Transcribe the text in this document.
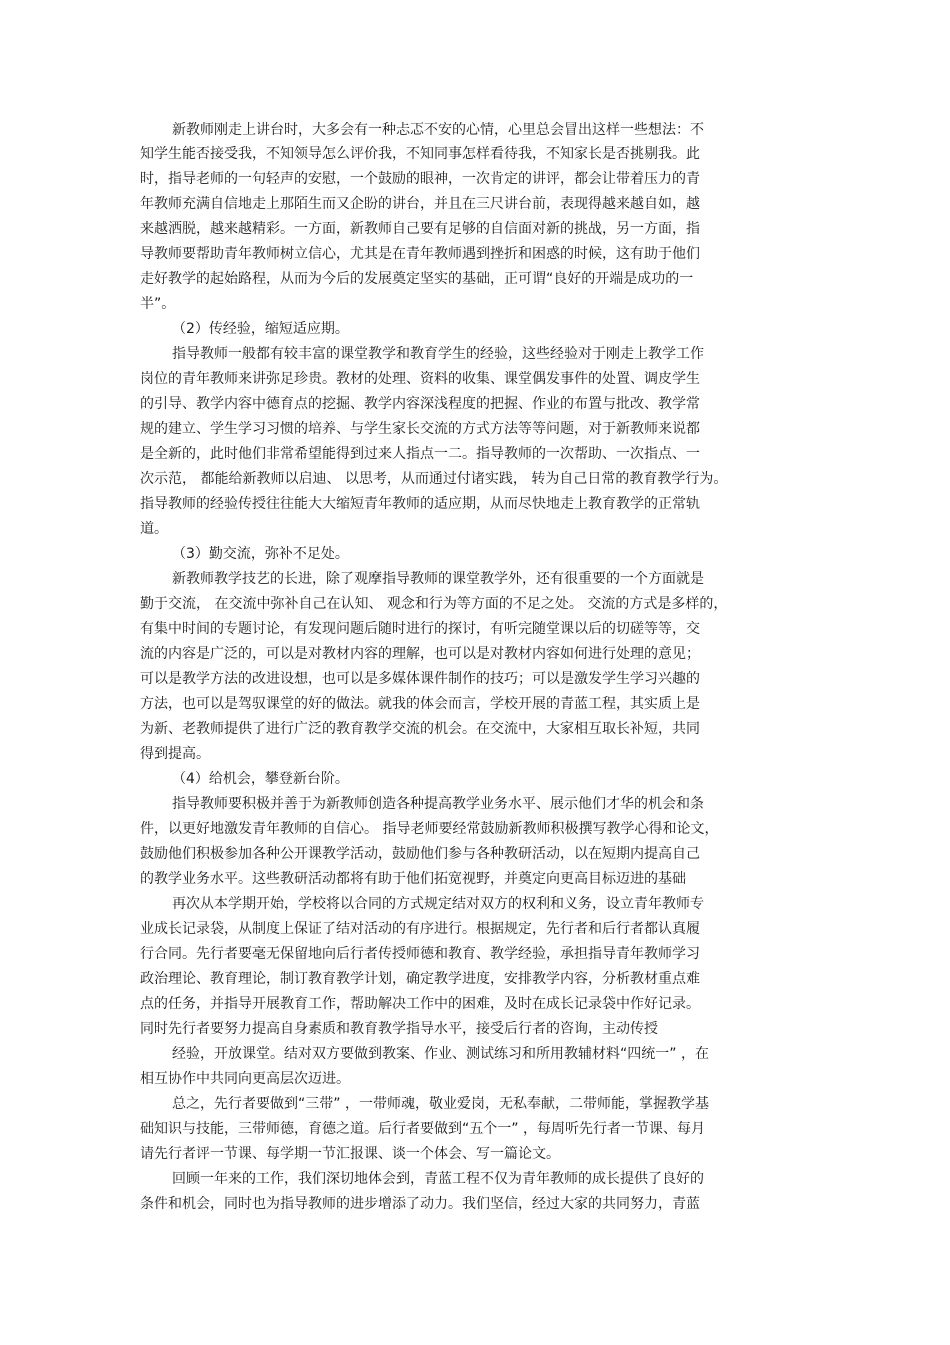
新教师刚走上讲台时，大多会有一种忐忑不安的心情，心里总会冒出这样一些想法：不

知学生能否接受我，不知领导怎么评价我，不知同事怎样看待我，不知家长是否挑剔我。此

时，指导老师的一句轻声的安慰，一个鼓励的眼神，一次肯定的讲评，都会让带着压力的青

年教师充满自信地走上那陌生而又企盼的讲台，并且在三尺讲台前，表现得越来越自如，越

来越洒脱，越来越精彩。一方面，新教师自己要有足够的自信面对新的挑战，另一方面，指

导教师要帮助青年教师树立信心，尤其是在青年教师遇到挫折和困惑的时候，这有助于他们

走好教学的起始路程，从而为今后的发展奠定坚实的基础，正可谓“良好的开端是成功的一

半”。

（2）传经验，缩短适应期。

指导教师一般都有较丰富的课堂教学和教育学生的经验，这些经验对于刚走上教学工作

岗位的青年教师来讲弥足珍贵。教材的处理、资料的收集、课堂偶发事件的处置、调皮学生

的引导、教学内容中德育点的挖掘、教学内容深浅程度的把握、作业的布置与批改、教学常

规的建立、学生学习习惯的培养、与学生家长交流的方式方法等等问题，对于新教师来说都

是全新的，此时他们非常希望能得到过来人指点一二。指导教师的一次帮助、一次指点、一

次示范， 都能给新教师以启迪、 以思考，从而通过付诸实践， 转为自己日常的教育教学行为。

指导教师的经验传授往往能大大缩短青年教师的适应期，从而尽快地走上教育教学的正常轨

道。

（3）勤交流，弥补不足处。

新教师教学技艺的长进，除了观摩指导教师的课堂教学外，还有很重要的一个方面就是

勤于交流， 在交流中弥补自己在认知、 观念和行为等方面的不足之处。 交流的方式是多样的，

有集中时间的专题讨论，有发现问题后随时进行的探讨，有听完随堂课以后的切磋等等，交

流的内容是广泛的，可以是对教材内容的理解，也可以是对教材内容如何进行处理的意见；

可以是教学方法的改进设想，也可以是多媒体课件制作的技巧；可以是激发学生学习兴趣的

方法，也可以是驾驭课堂的好的做法。就我的体会而言，学校开展的青蓝工程，其实质上是

为新、老教师提供了进行广泛的教育教学交流的机会。在交流中，大家相互取长补短，共同

得到提高。

（4）给机会，攀登新台阶。

指导教师要积极并善于为新教师创造各种提高教学业务水平、展示他们才华的机会和条

件，以更好地激发青年教师的自信心。 指导老师要经常鼓励新教师积极撰写教学心得和论文，

鼓励他们积极参加各种公开课教学活动，鼓励他们参与各种教研活动，以在短期内提高自己

的教学业务水平。这些教研活动都将有助于他们拓宽视野，并奠定向更高目标迈进的基础

再次从本学期开始，学校将以合同的方式规定结对双方的权利和义务，设立青年教师专

业成长记录袋，从制度上保证了结对活动的有序进行。根据规定，先行者和后行者都认真履

行合同。先行者要毫无保留地向后行者传授师德和教育、教学经验，承担指导青年教师学习

政治理论、教育理论，制订教育教学计划，确定教学进度，安排教学内容，分析教材重点难

点的任务，并指导开展教育工作，帮助解决工作中的困难，及时在成长记录袋中作好记录。

同时先行者要努力提高自身素质和教育教学指导水平，接受后行者的咨询，主动传授

经验，开放课堂。结对双方要做到教案、作业、测试练习和所用教辅材料“四统一” ，在

相互协作中共同向更高层次迈进。

总之，先行者要做到“三带” ，一带师魂，敬业爱岗，无私奉献，二带师能，掌握教学基

础知识与技能，三带师德，育德之道。后行者要做到“五个一” ，每周听先行者一节课、每月

请先行者评一节课、每学期一节汇报课、谈一个体会、写一篇论文。

回顾一年来的工作，我们深切地体会到，青蓝工程不仅为青年教师的成长提供了良好的

条件和机会，同时也为指导教师的进步增添了动力。我们坚信，经过大家的共同努力，青蓝
